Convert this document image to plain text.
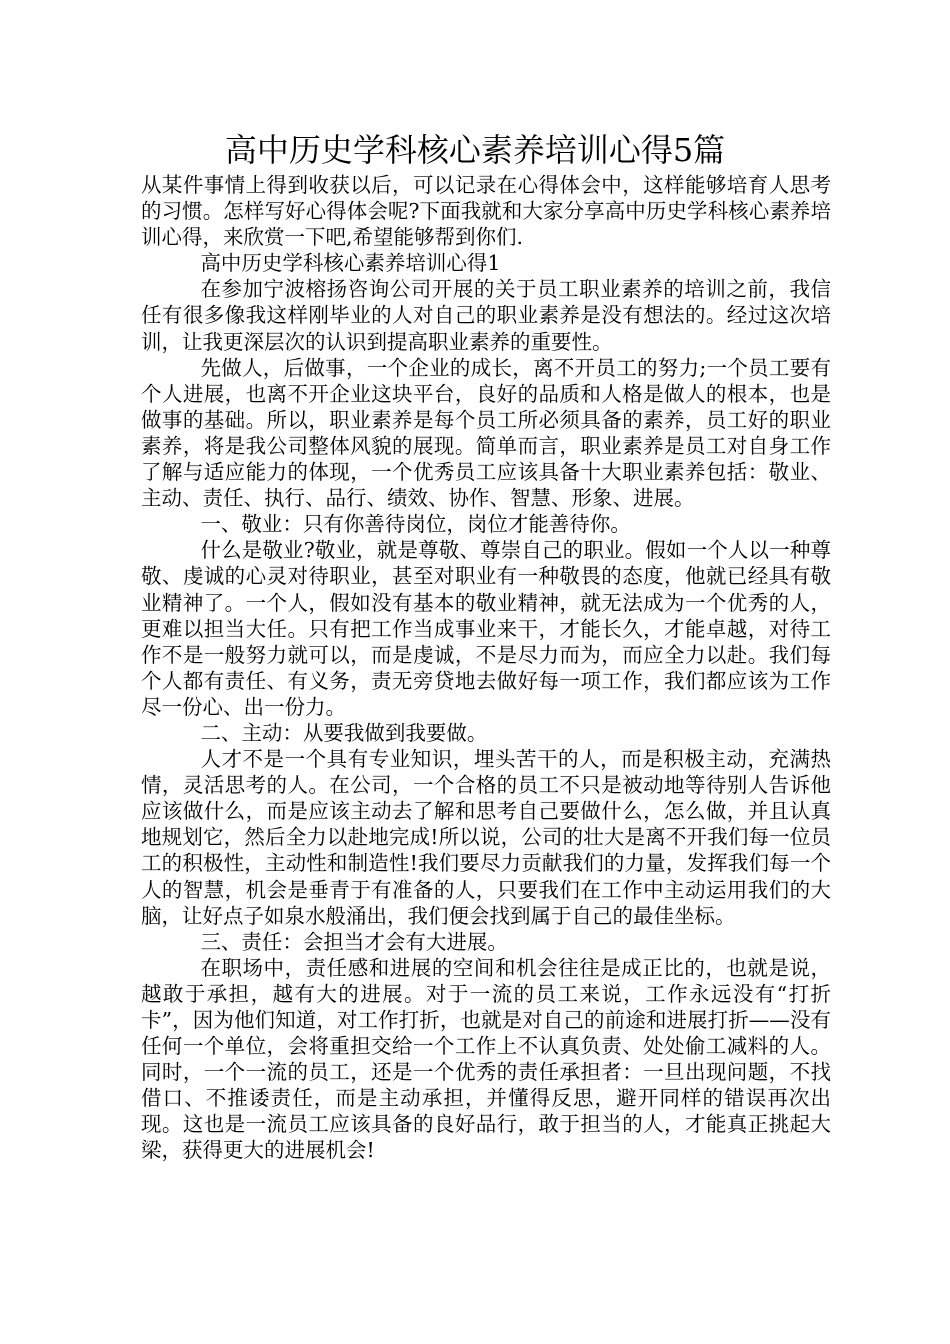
高中历史学科核心素养培训心得5篇

从某件事情上得到收获以后，可以记录在心得体会中，这样能够培育人思考的习惯。怎样写好心得体会呢?下面我就和大家分享高中历史学科核心素养培训心得，来欣赏一下吧,希望能够帮到你们.

高中历史学科核心素养培训心得1

在参加宁波榕扬咨询公司开展的关于员工职业素养的培训之前，我信任有很多像我这样刚毕业的人对自己的职业素养是没有想法的。经过这次培训，让我更深层次的认识到提高职业素养的重要性。

先做人，后做事，一个企业的成长，离不开员工的努力;一个员工要有个人进展，也离不开企业这块平台，良好的品质和人格是做人的根本，也是做事的基础。所以，职业素养是每个员工所必须具备的素养，员工好的职业素养，将是我公司整体风貌的展现。简单而言，职业素养是员工对自身工作了解与适应能力的体现，一个优秀员工应该具备十大职业素养包括：敬业、主动、责任、执行、品行、绩效、协作、智慧、形象、进展。

一、敬业：只有你善待岗位，岗位才能善待你。

什么是敬业?敬业，就是尊敬、尊崇自己的职业。假如一个人以一种尊敬、虔诚的心灵对待职业，甚至对职业有一种敬畏的态度，他就已经具有敬业精神了。一个人，假如没有基本的敬业精神，就无法成为一个优秀的人，更难以担当大任。只有把工作当成事业来干，才能长久，才能卓越，对待工作不是一般努力就可以，而是虔诚，不是尽力而为，而应全力以赴。我们每个人都有责任、有义务，责无旁贷地去做好每一项工作，我们都应该为工作尽一份心、出一份力。

二、主动：从要我做到我要做。

人才不是一个具有专业知识，埋头苦干的人，而是积极主动，充满热情，灵活思考的人。在公司，一个合格的员工不只是被动地等待别人告诉他应该做什么，而是应该主动去了解和思考自己要做什么，怎么做，并且认真地规划它，然后全力以赴地完成!所以说，公司的壮大是离不开我们每一位员工的积极性，主动性和制造性!我们要尽力贡献我们的力量，发挥我们每一个人的智慧，机会是垂青于有准备的人，只要我们在工作中主动运用我们的大脑，让好点子如泉水般涌出，我们便会找到属于自己的最佳坐标。

三、责任：会担当才会有大进展。

在职场中，责任感和进展的空间和机会往往是成正比的，也就是说，越敢于承担，越有大的进展。对于一流的员工来说，工作永远没有“打折卡”，因为他们知道，对工作打折，也就是对自己的前途和进展打折——没有任何一个单位，会将重担交给一个工作上不认真负责、处处偷工减料的人。同时，一个一流的员工，还是一个优秀的责任承担者：一旦出现问题，不找借口、不推诿责任，而是主动承担，并懂得反思，避开同样的错误再次出现。这也是一流员工应该具备的良好品行，敢于担当的人，才能真正挑起大梁，获得更大的进展机会!
